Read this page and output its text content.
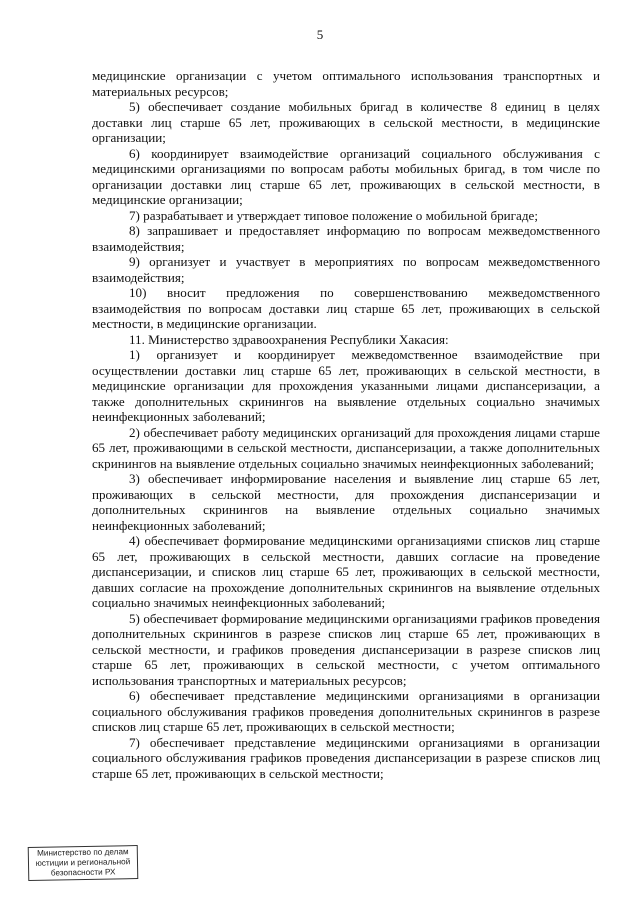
5

медицинские организации с учетом оптимального использования транспортных и материальных ресурсов;

5) обеспечивает создание мобильных бригад в количестве 8 единиц в целях доставки лиц старше 65 лет, проживающих в сельской местности, в медицинские организации;

6) координирует взаимодействие организаций социального обслуживания с медицинскими организациями по вопросам работы мобильных бригад, в том числе по организации доставки лиц старше 65 лет, проживающих в сельской местности, в медицинские организации;

7) разрабатывает и утверждает типовое положение о мобильной бригаде;

8) запрашивает и предоставляет информацию по вопросам межведомственного взаимодействия;

9) организует и участвует в мероприятиях по вопросам межведомственного взаимодействия;

10) вносит предложения по совершенствованию межведомственного взаимодействия по вопросам доставки лиц старше 65 лет, проживающих в сельской местности, в медицинские организации.

11. Министерство здравоохранения Республики Хакасия:

1) организует и координирует межведомственное взаимодействие при осуществлении доставки лиц старше 65 лет, проживающих в сельской местности, в медицинские организации для прохождения указанными лицами диспансеризации, а также дополнительных скринингов на выявление отдельных социально значимых неинфекционных заболеваний;

2) обеспечивает работу медицинских организаций для прохождения лицами старше 65 лет, проживающими в сельской местности, диспансеризации, а также дополнительных скринингов на выявление отдельных социально значимых неинфекционных заболеваний;

3) обеспечивает информирование населения и выявление лиц старше 65 лет, проживающих в сельской местности, для прохождения диспансеризации и дополнительных скринингов на выявление отдельных социально значимых неинфекционных заболеваний;

4) обеспечивает формирование медицинскими организациями списков лиц старше 65 лет, проживающих в сельской местности, давших согласие на проведение диспансеризации, и списков лиц старше 65 лет, проживающих в сельской местности, давших согласие на прохождение дополнительных скринингов на выявление отдельных социально значимых неинфекционных заболеваний;

5) обеспечивает формирование медицинскими организациями графиков проведения дополнительных скринингов в разрезе списков лиц старше 65 лет, проживающих в сельской местности, и графиков проведения диспансеризации в разрезе списков лиц старше 65 лет, проживающих в сельской местности, с учетом оптимального использования транспортных и материальных ресурсов;

6) обеспечивает представление медицинскими организациями в организации социального обслуживания графиков проведения дополнительных скринингов в разрезе списков лиц старше 65 лет, проживающих в сельской местности;

7) обеспечивает представление медицинскими организациями в организации социального обслуживания графиков проведения диспансеризации в разрезе списков лиц старше 65 лет, проживающих в сельской местности;

Министерство по делам
юстиции и региональной
безопасности РХ
